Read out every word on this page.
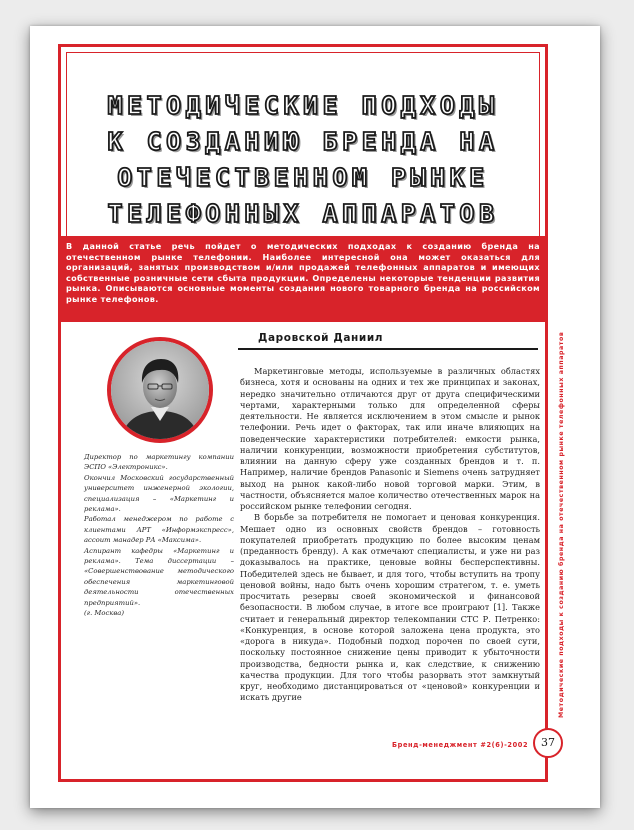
МЕТОДИЧЕСКИЕ ПОДХОДЫ
К СОЗДАНИЮ БРЕНДА НА
ОТЕЧЕСТВЕННОМ РЫНКЕ
ТЕЛЕФОННЫХ АППАРАТОВ
В данной статье речь пойдет о методических подходах к созданию бренда на отечественном рынке телефонии. Наиболее интересной она может оказаться для организаций, занятых производством и/или продажей телефонных аппаратов и имеющих собственные розничные сети сбыта продукции. Определены некоторые тенденции развития рынка. Описываются основные моменты создания нового товарного бренда на российском рынке телефонов.
Даровской Даниил

Директор по маркетингу компании ЭСПО «Электроникс».

Окончил Московский государственный университет инженерной экологии, специализация – «Маркетинг и реклама».

Работал менеджером по работе с клиентами АРТ «Информэкспресс», ассоит манадер РА «Максима».

Аспирант кафедры «Маркетинг и реклама». Тема диссертации – «Совершенствование методического обеспечения маркетинговой деятельности отечественных предприятий».

(г. Москва)

Маркетинговые методы, используемые в различных областях бизнеса, хотя и основаны на одних и тех же принципах и законах, нередко значительно отличаются друг от друга специфическими чертами, характерными только для определенной сферы деятельности. Не является исключением в этом смысле и рынок телефонии. Речь идет о факторах, так или иначе влияющих на поведенческие характеристики потребителей: емкости рынка, наличии конкуренции, возможности приобретения субститутов, влиянии на данную сферу уже созданных брендов и т. п. Например, наличие брендов Panasonic и Siemens очень затрудняет выход на рынок какой-либо новой торговой марки. Этим, в частности, объясняется малое количество отечественных марок на российском рынке телефонии сегодня.

В борьбе за потребителя не помогает и ценовая конкуренция. Мешает одно из основных свойств брендов – готовность покупателей приобретать продукцию по более высоким ценам (преданность бренду). А как отмечают специалисты, и уже ни раз доказывалось на практике, ценовые войны бесперспективны. Победителей здесь не бывает, и для того, чтобы вступить на тропу ценовой войны, надо быть очень хорошим стратегом, т. е. уметь просчитать резервы своей экономической и финансовой безопасности. В любом случае, в итоге все проиграют [1]. Также считает и генеральный директор телекомпании СТС Р. Петренко: «Конкуренция, в основе которой заложена цена продукта, это «дорога в никуда». Подобный подход порочен по своей сути, поскольку постоянное снижение цены приводит к убыточности производства, бедности рынка и, как следствие, к снижению качества продукции. Для того чтобы разорвать этот замкнутый круг, необходимо дистанцироваться от «ценовой» конкуренции и искать другие	Методические подходы к созданию бренда на отечественном рынке телефонных аппаратов
Бренд-менеджмент #2(6)-2002	37
